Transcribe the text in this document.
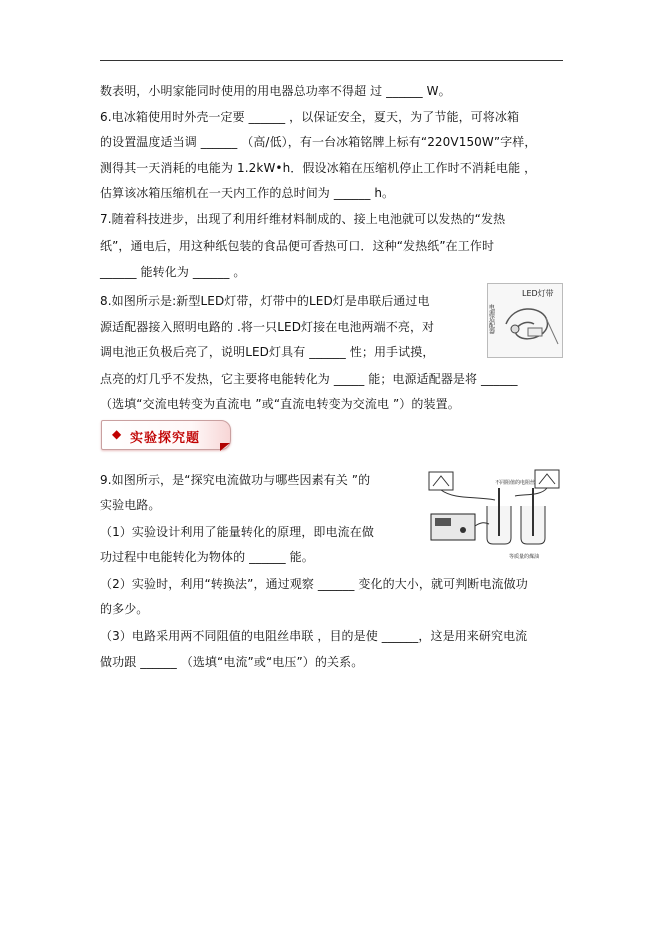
数表明，小明家能同时使用的用电器总功率不得超 过 ______ W。
6.电冰箱使用时外壳一定要 ______ ，以保证安全，夏天，为了节能，可将冰箱
的设置温度适当调 ______ （高/低），有一台冰箱铭牌上标有“220V150W”字样，
测得其一天消耗的电能为 1.2kW•h．假设冰箱在压缩机停止工作时不消耗电能 ，
估算该冰箱压缩机在一天内工作的总时间为 ______ h。
7.随着科技进步，出现了利用纤维材料制成的、接上电池就可以发热的“发热
纸”，通电后，用这种纸包装的食品便可香热可口．这种“发热纸”在工作时
______ 能转化为 ______ 。
8.如图所示是:新型LED灯带，灯带中的LED灯是串联后通过电
源适配器接入照明电路的 .将一只LED灯接在电池两端不亮，对
调电池正负极后亮了，说明LED灯具有 ______ 性；用手试摸，
点亮的灯几乎不发热，它主要将电能转化为 _____ 能；电源适配器是将 ______
（选填“交流电转变为直流电 ”或“直流电转变为交流电 ”）的装置。
◆ 实验探究题
9.如图所示，是“探究电流做功与哪些因素有关 ”的
实验电路。
（1）实验设计利用了能量转化的原理，即电流在做
功过程中电能转化为物体的 ______ 能。
（2）实验时，利用“转换法”，通过观察 ______ 变化的大小，就可判断电流做功
的多少。
（3）电路采用两不同阻值的电阻丝串联 ，目的是使 ______，这是用来研究电流
做功跟 ______ （选填“电流”或“电压”）的关系。
LED灯带
电源适配器
不同阻值的电阻丝
等质量的煤油
